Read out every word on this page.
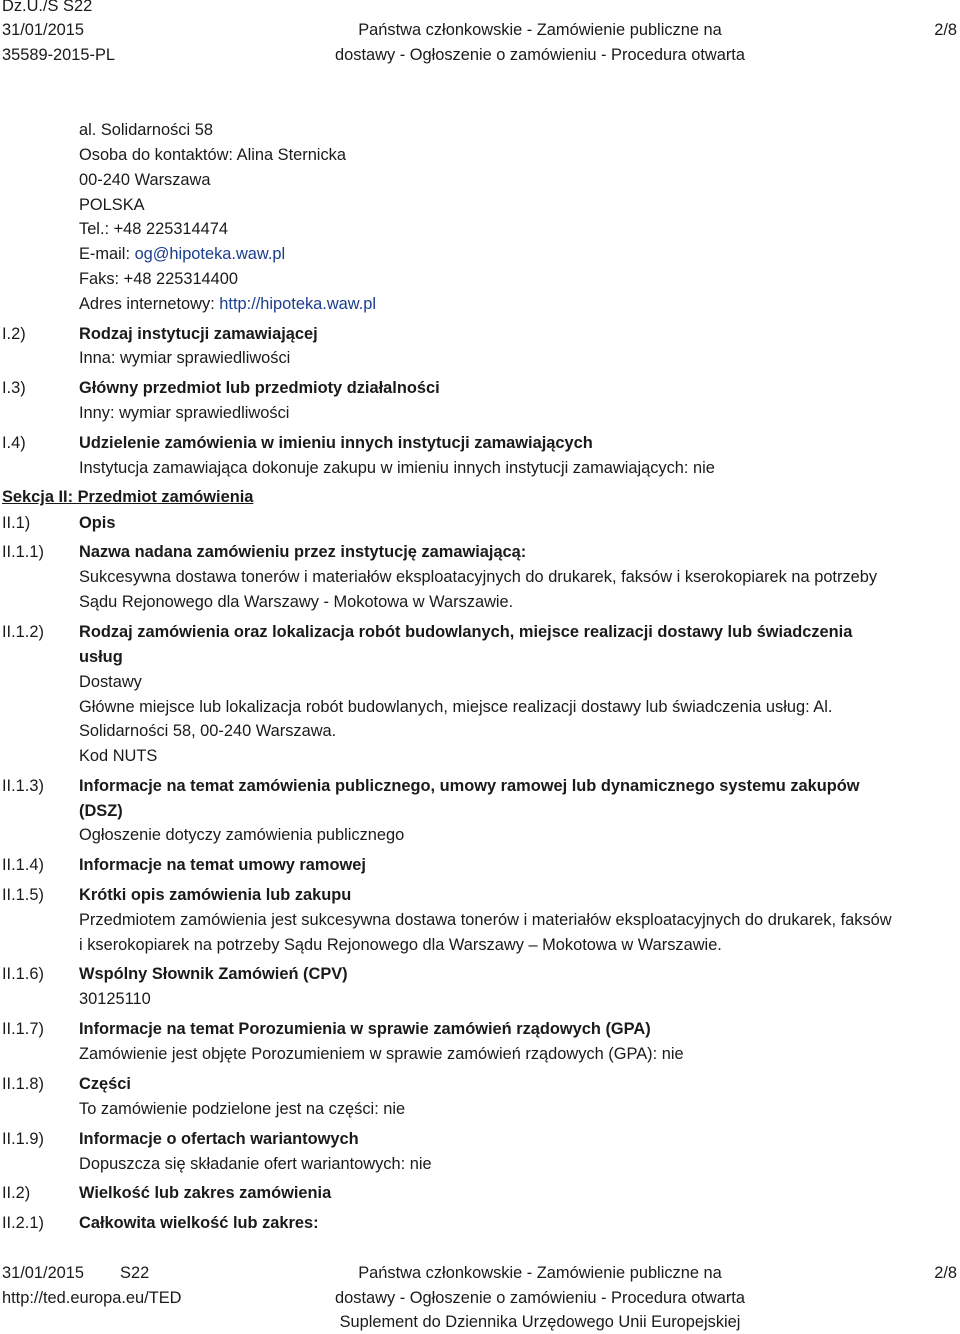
Dz.U./S S22
31/01/2015
35589-2015-PL
Państwa członkowskie - Zamówienie publiczne na
dostawy - Ogłoszenie o zamówieniu - Procedura otwarta
2/8
al. Solidarności 58
Osoba do kontaktów: Alina Sternicka
00-240 Warszawa
POLSKA
Tel.: +48 225314474
E-mail: og@hipoteka.waw.pl
Faks: +48 225314400
Adres internetowy: http://hipoteka.waw.pl
I.2)	Rodzaj instytucji zamawiającej
Inna: wymiar sprawiedliwości
I.3)	Główny przedmiot lub przedmioty działalności
Inny: wymiar sprawiedliwości
I.4)	Udzielenie zamówienia w imieniu innych instytucji zamawiających
Instytucja zamawiająca dokonuje zakupu w imieniu innych instytucji zamawiających: nie
Sekcja II: Przedmiot zamówienia
II.1)	Opis
II.1.1) Nazwa nadana zamówieniu przez instytucję zamawiającą:
Sukcesywna dostawa tonerów i materiałów eksploatacyjnych do drukarek, faksów i kserokopiarek na potrzeby
Sądu Rejonowego dla Warszawy - Mokotowa w Warszawie.
II.1.2) Rodzaj zamówienia oraz lokalizacja robót budowlanych, miejsce realizacji dostawy lub świadczenia
usług
Dostawy
Główne miejsce lub lokalizacja robót budowlanych, miejsce realizacji dostawy lub świadczenia usług: Al.
Solidarności 58, 00-240 Warszawa.
Kod NUTS
II.1.3) Informacje na temat zamówienia publicznego, umowy ramowej lub dynamicznego systemu zakupów
(DSZ)
Ogłoszenie dotyczy zamówienia publicznego
II.1.4) Informacje na temat umowy ramowej
II.1.5) Krótki opis zamówienia lub zakupu
Przedmiotem zamówienia jest sukcesywna dostawa tonerów i materiałów eksploatacyjnych do drukarek, faksów
i kserokopiarek na potrzeby Sądu Rejonowego dla Warszawy – Mokotowa w Warszawie.
II.1.6) Wspólny Słownik Zamówień (CPV)
30125110
II.1.7) Informacje na temat Porozumienia w sprawie zamówień rządowych (GPA)
Zamówienie jest objęte Porozumieniem w sprawie zamówień rządowych (GPA): nie
II.1.8) Części
To zamówienie podzielone jest na części: nie
II.1.9) Informacje o ofertach wariantowych
Dopuszcza się składanie ofert wariantowych: nie
II.2)	Wielkość lub zakres zamówienia
II.2.1) Całkowita wielkość lub zakres:
31/01/2015 S22
http://ted.europa.eu/TED
Państwa członkowskie - Zamówienie publiczne na
dostawy - Ogłoszenie o zamówieniu - Procedura otwarta
Suplement do Dziennika Urzędowego Unii Europejskiej
2/8
